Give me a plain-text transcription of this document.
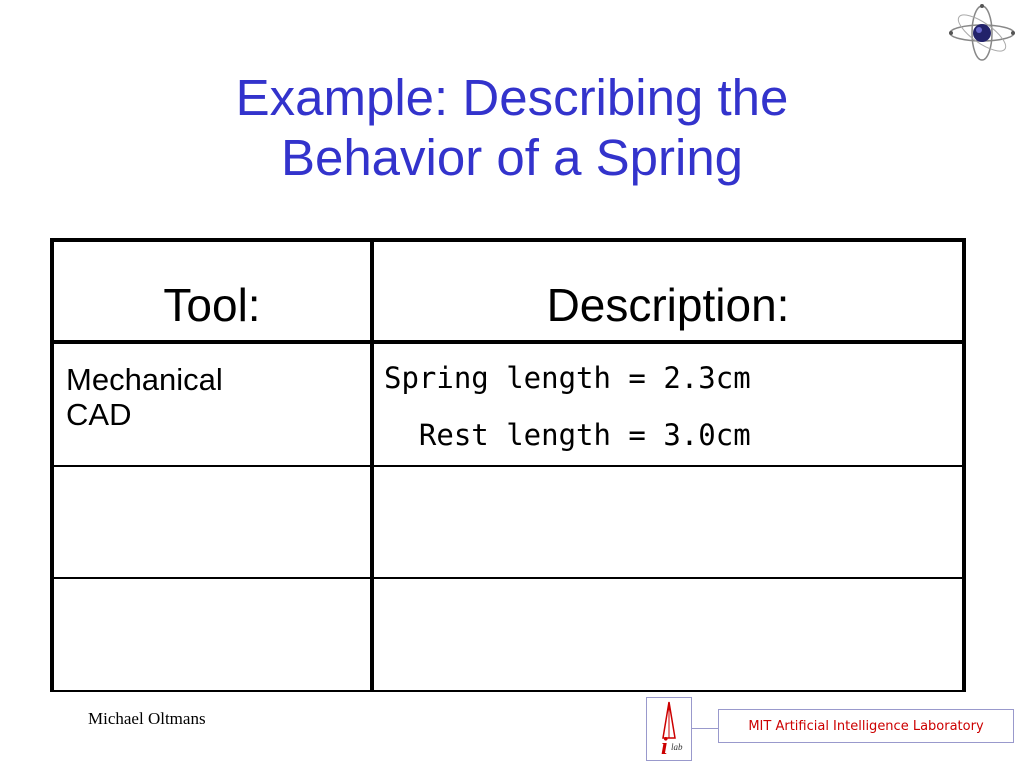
Example: Describing the
Behavior of a Spring
Tool:	Description:

Mechanical
CAD	Spring length = 2.3cm
Rest length = 3.0cm

Michael Oltmans
i lab
MIT Artificial Intelligence Laboratory
